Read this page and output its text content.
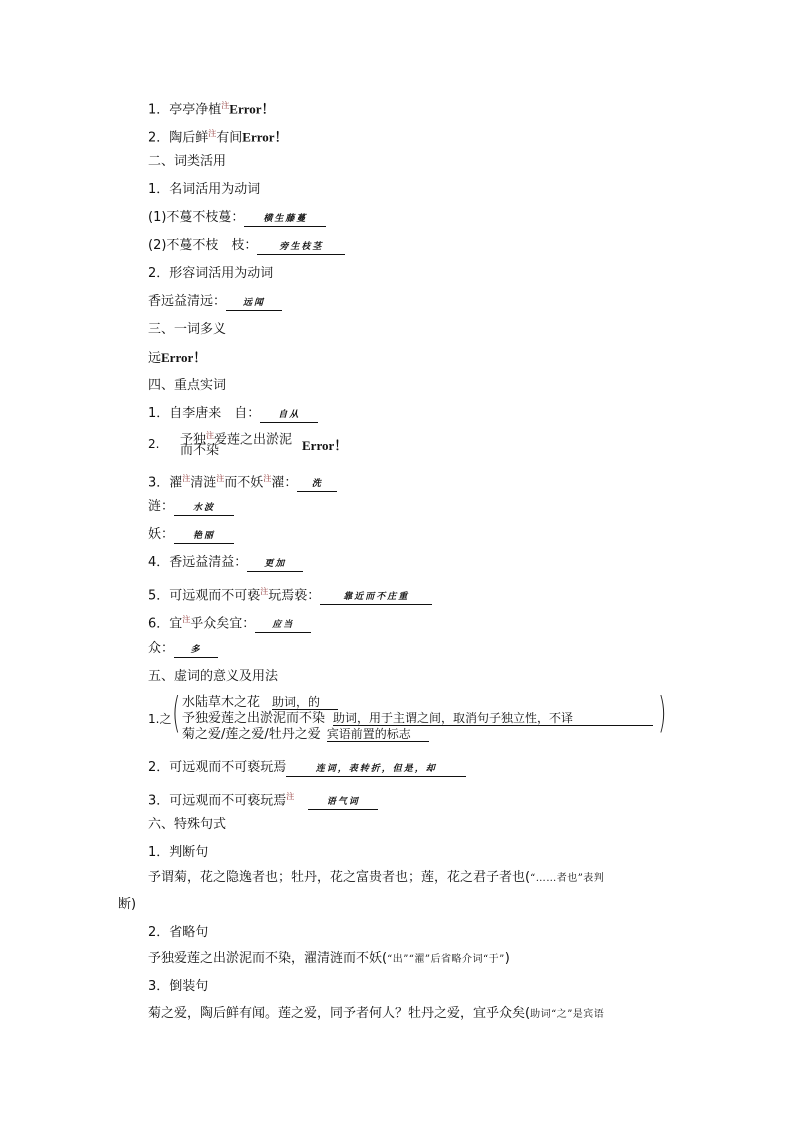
1．亭亭净植$^注$Error！
2．陶后鲜$^注$有间Error！
二、词类活用
1．名词活用为动词
(1)不蔓不枝蔓： 横生藤蔓
(2)不蔓不枝　枝： 旁生枝茎
2．形容词活用为动词
香远益清远： 远闻
三、一词多义
远Error！
四、重点实词
1．自李唐来　自： 自从
2. 予独$^注$爱莲之出淤泥
而不染	Error！
3．濯$^注$清涟$^注$而不妖$^注$濯： 洗
涟： 水波
妖： 艳丽
4．香远益清益： 更加
5．可远观而不可亵$^注$玩焉亵：	靠近而不庄重
6．宜$^注$乎众矣宜： 应当
众： 多
五、虚词的意义及用法
1.之 ( 水陆草木之花 助词，的
予独爱莲之出淤泥而不染 助词，用于主谓之间，取消句子独立性，不译
菊之爱/莲之爱/牡丹之爱 宾语前置的标志	)
2．可远观而不可亵玩焉	连词，表转折，但是，却
3．可远观而不可亵玩焉$^注$语气词
六、特殊句式
1．判断句
予谓菊，花之隐逸者也；牡丹，花之富贵者也；莲，花之君子者也(“……者也”表判
断)
2．省略句
予独爱莲之出淤泥而不染，濯清涟而不妖(“出”“濯”后省略介词“于”)
3．倒装句
菊之爱，陶后鲜有闻。莲之爱，同予者何人？牡丹之爱，宜乎众矣(助词“之”是宾语
